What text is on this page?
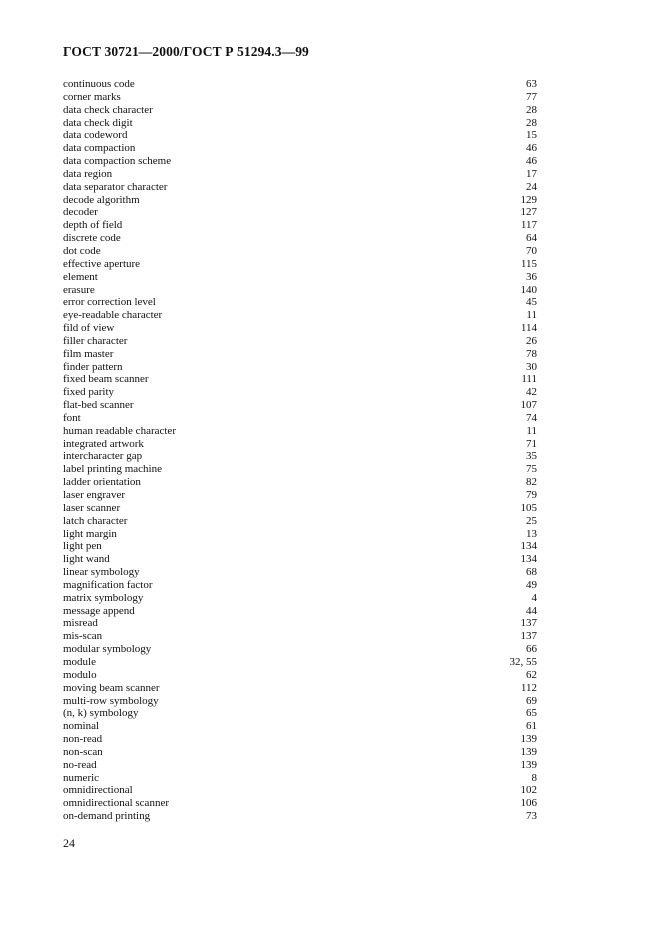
ГОСТ 30721—2000/ГОСТ Р 51294.3—99
continuous code	63
corner marks	77
data check character	28
data check digit	28
data codeword	15
data compaction	46
data compaction scheme	46
data region	17
data separator character	24
decode algorithm	129
decoder	127
depth of field	117
discrete code	64
dot code	70
effective aperture	115
element	36
erasure	140
error correction level	45
eye-readable character	11
fild of view	114
filler character	26
film master	78
finder pattern	30
fixed beam scanner	111
fixed parity	42
flat-bed scanner	107
font	74
human readable character	11
integrated artwork	71
intercharacter gap	35
label printing machine	75
ladder orientation	82
laser engraver	79
laser scanner	105
latch character	25
light margin	13
light pen	134
light wand	134
linear symbology	68
magnification factor	49
matrix symbology	4
message append	44
misread	137
mis-scan	137
modular symbology	66
module	32, 55
modulo	62
moving beam scanner	112
multi-row symbology	69
(n, k) symbology	65
nominal	61
non-read	139
non-scan	139
no-read	139
numeric	8
omnidirectional	102
omnidirectional scanner	106
on-demand printing	73
24
